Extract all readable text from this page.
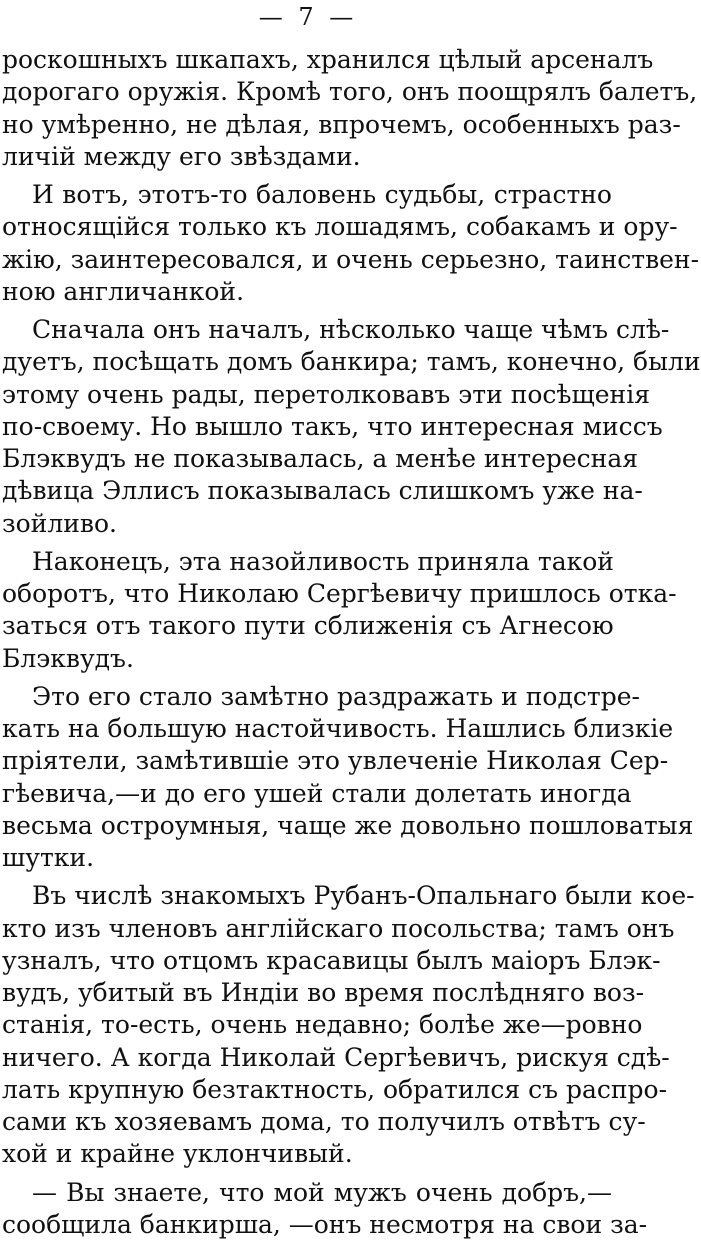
— 7 —
роскошныхъ шкапахъ, хранился цѣлый арсеналъ
дорогаго оружія. Кромѣ того, онъ поощрялъ балетъ,
но умѣренно, не дѣлая, впрочемъ, особенныхъ раз-
личій между его звѣздами.
И вотъ, этотъ-то баловень судьбы, страстно
относящійся только къ лошадямъ, собакамъ и ору-
жію, заинтересовался, и очень серьезно, таинствен-
ною англичанкой.
Сначала онъ началъ, нѣсколько чаще чѣмъ слѣ-
дуетъ, посѣщать домъ банкира; тамъ, конечно, были
этому очень рады, перетолковавъ эти посѣщенія
по-своему. Но вышло такъ, что интересная миссъ
Блэквудъ не показывалась, а менѣе интересная
дѣвица Эллисъ показывалась слишкомъ уже на-
зойливо.
Наконецъ, эта назойливость приняла такой
оборотъ, что Николаю Сергѣевичу пришлось отка-
заться отъ такого пути сближенія съ Агнесою
Блэквудъ.
Это его стало замѣтно раздражать и подстре-
кать на большую настойчивость. Нашлись близкіе
пріятели, замѣтившіе это увлеченіе Николая Сер-
гѣевича,—и до его ушей стали долетать иногда
весьма остроумныя, чаще же довольно пошловатыя
шутки.
Въ числѣ знакомыхъ Рубанъ-Опальнаго были кое-
кто изъ членовъ англійскаго посольства; тамъ онъ
узналъ, что отцомъ красавицы былъ маіоръ Блэк-
вудъ, убитый въ Индіи во время послѣдняго воз-
станія, то-есть, очень недавно; болѣе же—ровно
ничего. А когда Николай Сергѣевичъ, рискуя сдѣ-
лать крупную безтактность, обратился съ распро-
сами къ хозяевамъ дома, то получилъ отвѣтъ су-
хой и крайне уклончивый.
— Вы знаете, что мой мужъ очень добръ,—
сообщила банкирша, —онъ несмотря на свои за-
